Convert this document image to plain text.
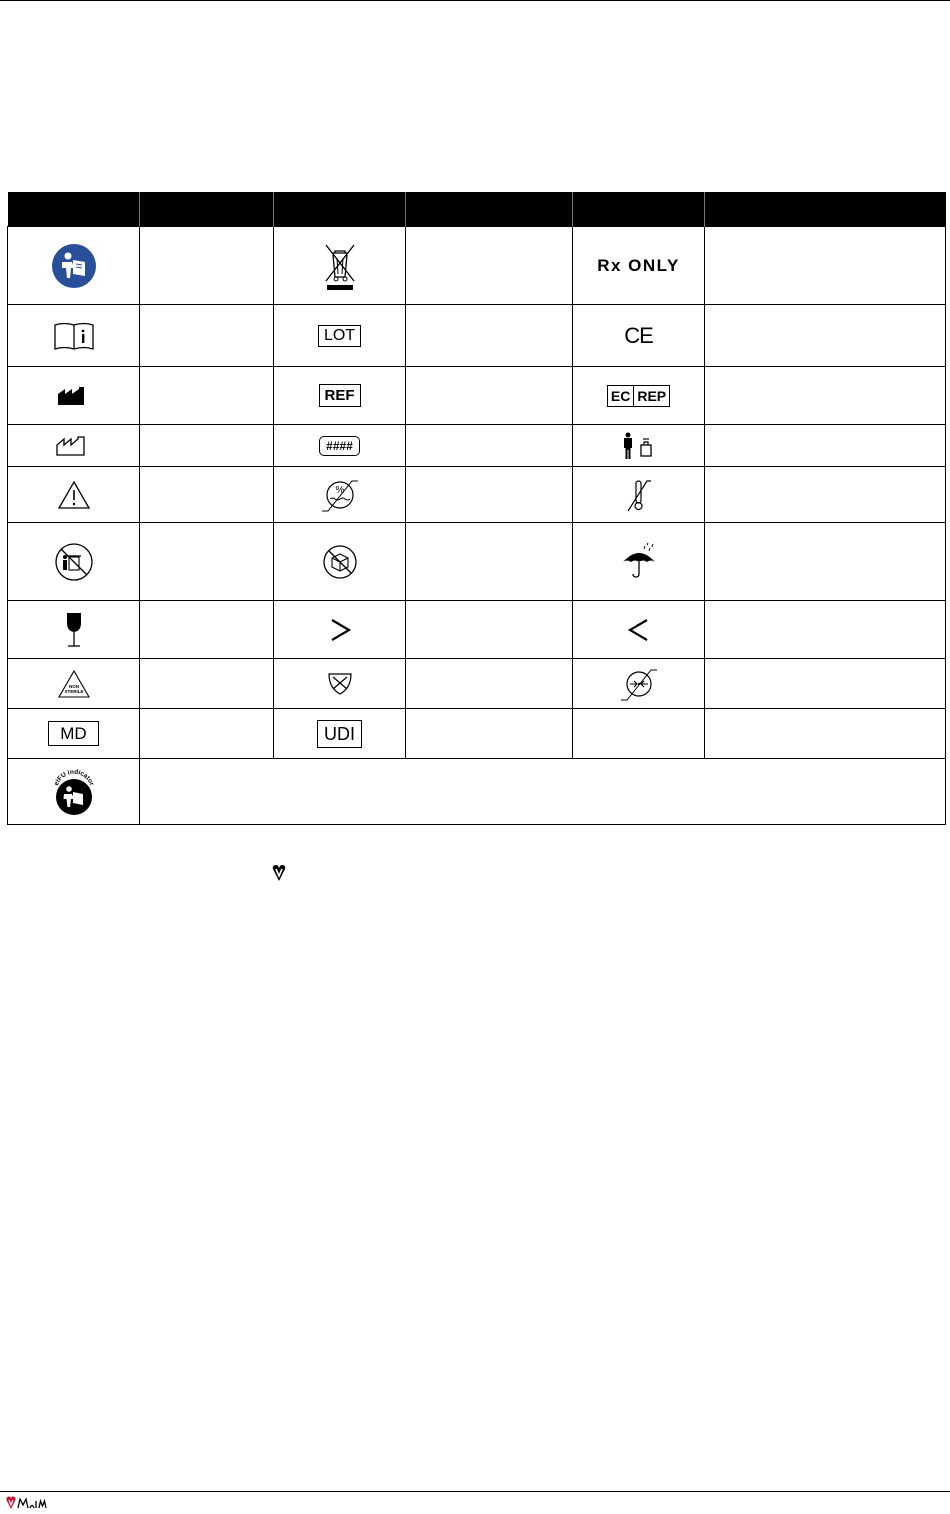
				Rx ONLY	
		LOT		CE	
		REF		EC REP	

		####			

%

NON
STERILE

MD		UDI			

eIFU indicator					
